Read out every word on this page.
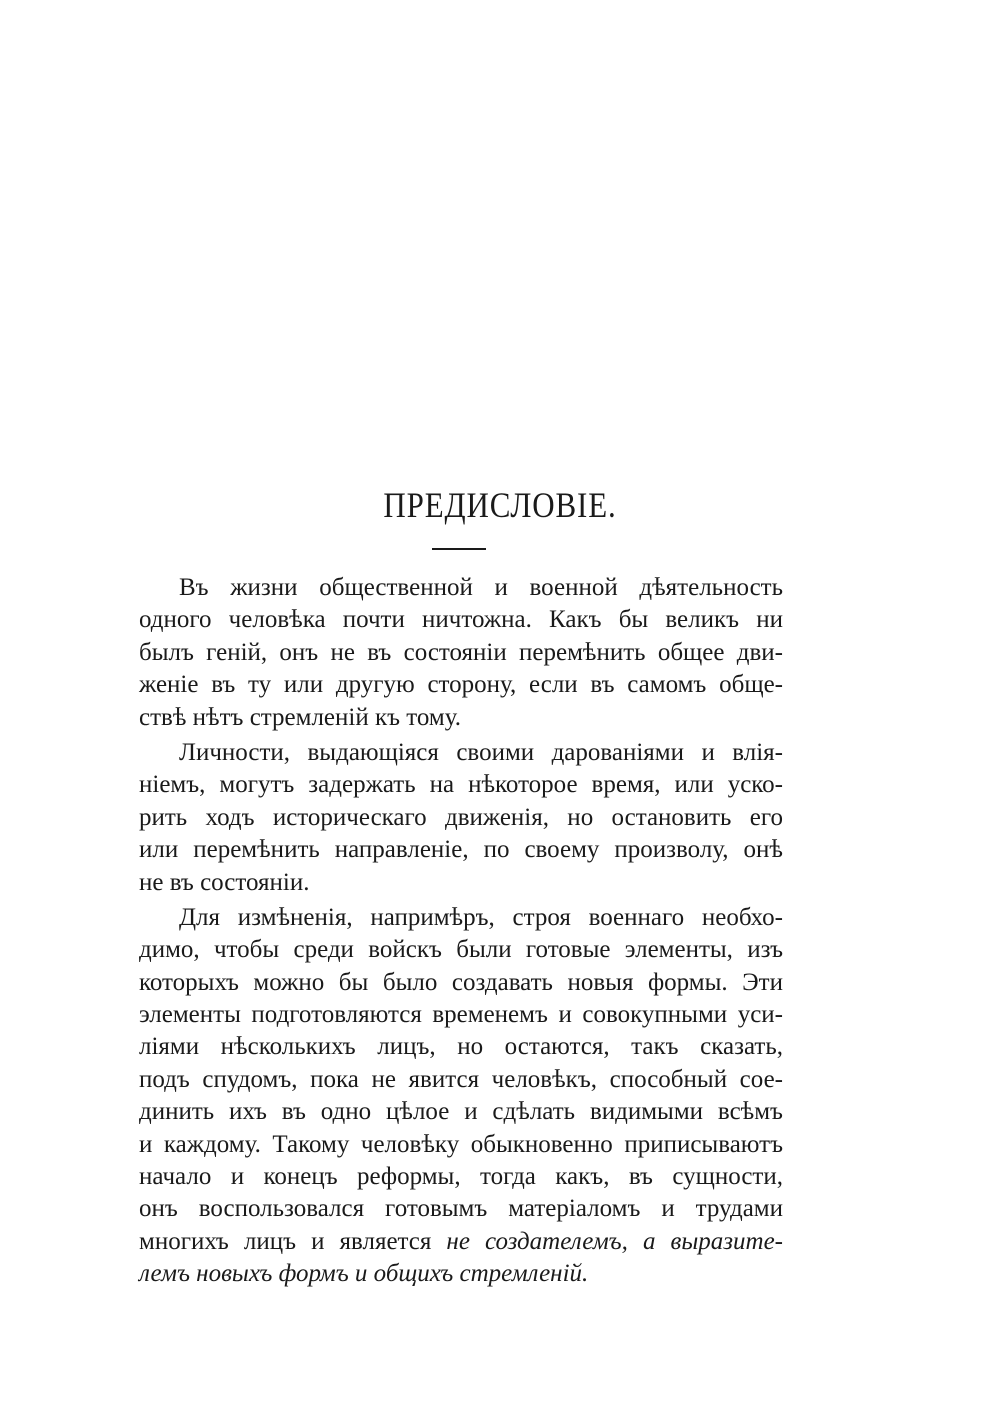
ПРЕДИСЛОВІЕ.
Въ жизни общественной и военной дѣятельность
одного человѣка почти ничтожна. Какъ бы великъ ни
былъ геній, онъ не въ состояніи перемѣнить общее дви-
женіе въ ту или другую сторону, если въ самомъ обще-
ствѣ нѣтъ стремленій къ тому.
Личности, выдающіяся своими дарованіями и влія-
ніемъ, могутъ задержать на нѣкоторое время, или уско-
рить ходъ историческаго движенія, но остановить его
или перемѣнить направленіе, по своему произволу, онѣ
не въ состояніи.
Для измѣненія, напримѣръ, строя военнаго необхо-
димо, чтобы среди войскъ были готовые элементы, изъ
которыхъ можно бы было создавать новыя формы. Эти
элементы подготовляются временемъ и совокупными уси-
ліями нѣсколькихъ лицъ, но остаются, такъ сказать,
подъ спудомъ, пока не явится человѣкъ, способный сое-
динить ихъ въ одно цѣлое и сдѣлать видимыми всѣмъ
и каждому. Такому человѣку обыкновенно приписываютъ
начало и конецъ реформы, тогда какъ, въ сущности,
онъ воспользовался готовымъ матеріаломъ и трудами
многихъ лицъ и является не создателемъ, а выразите-
лемъ новыхъ формъ и общихъ стремленій.
